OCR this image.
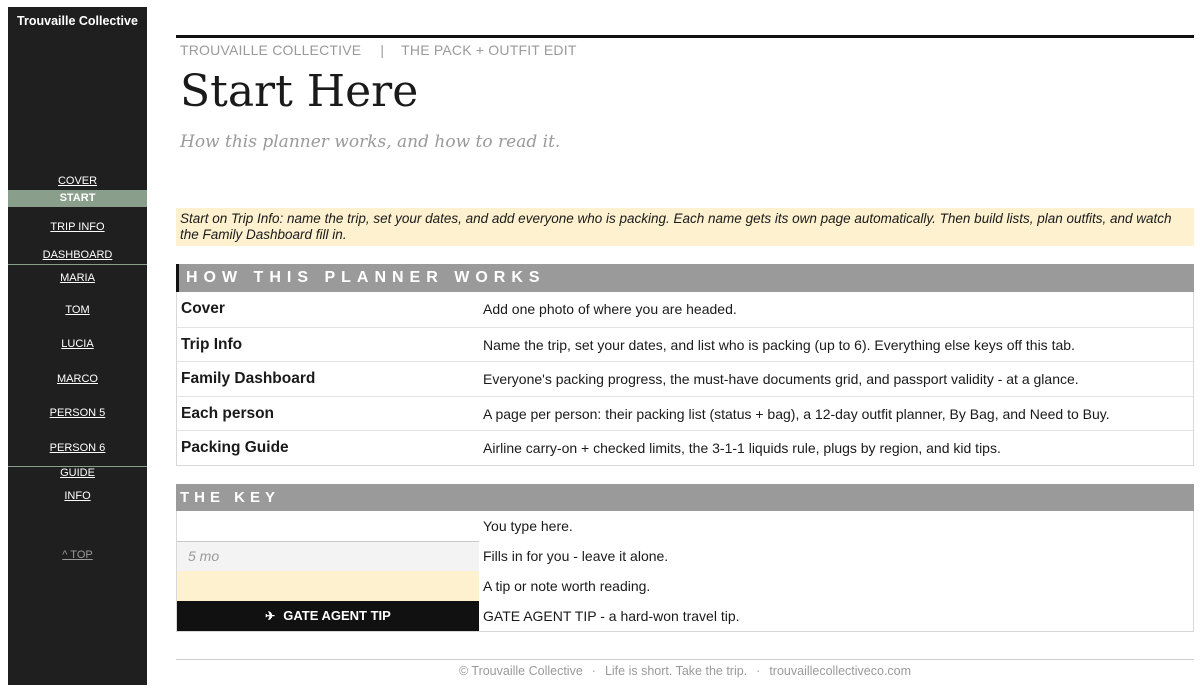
Trouvaille Collective
COVER
START
TRIP INFO
DASHBOARD
MARIA
TOM
LUCIA
MARCO
PERSON 5
PERSON 6
GUIDE
INFO
^ TOP
TROUVAILLE COLLECTIVE | THE PACK + OUTFIT EDIT
Start Here
How this planner works, and how to read it.
Start on Trip Info: name the trip, set your dates, and add everyone who is packing. Each name gets its own page automatically. Then build lists, plan outfits, and watch the Family Dashboard fill in.
HOW THIS PLANNER WORKS
Cover	Add one photo of where you are headed.
Trip Info	Name the trip, set your dates, and list who is packing (up to 6). Everything else keys off this tab.
Family Dashboard	Everyone's packing progress, the must-have documents grid, and passport validity - at a glance.
Each person	A page per person: their packing list (status + bag), a 12-day outfit planner, By Bag, and Need to Buy.
Packing Guide	Airline carry-on + checked limits, the 3-1-1 liquids rule, plugs by region, and kid tips.
THE KEY
You type here.
5 mo	Fills in for you - leave it alone.
A tip or note worth reading.
✈ GATE AGENT TIP	GATE AGENT TIP - a hard-won travel tip.
© Trouvaille Collective · Life is short. Take the trip. · trouvaillecollectiveco.com
